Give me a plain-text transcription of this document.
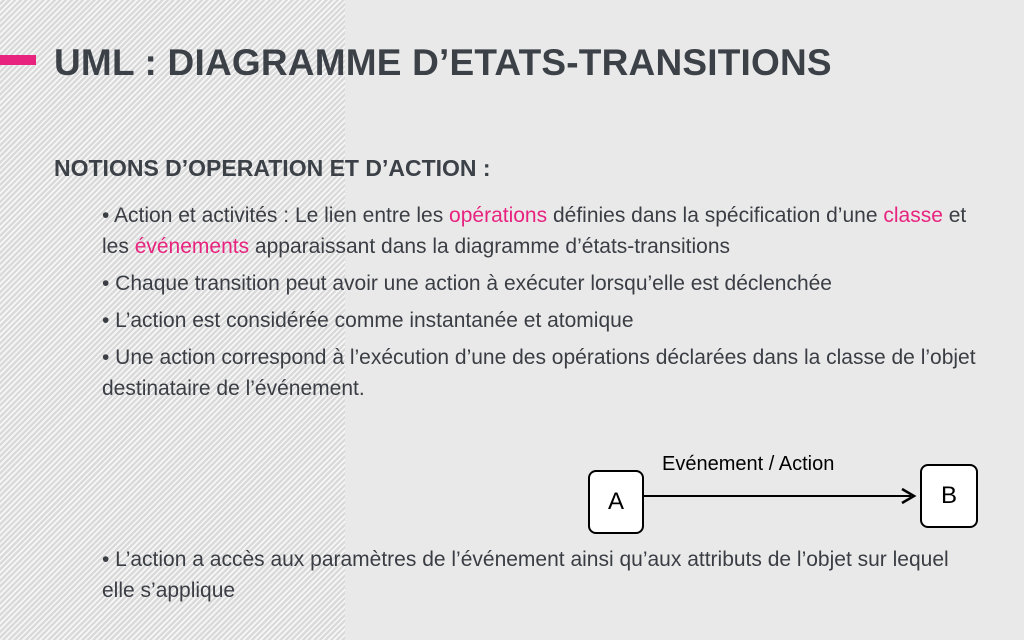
UML : DIAGRAMME D’ETATS-TRANSITIONS
NOTIONS D’OPERATION ET D’ACTION :
• Action et activités : Le lien entre les opérations définies dans la spécification d’une classe et les événements apparaissant dans la diagramme d’états-transitions
• Chaque transition peut avoir une action à exécuter lorsqu’elle est déclenchée
• L’action est considérée comme instantanée et atomique
• Une action correspond à l’exécution d’une des opérations déclarées dans la classe de l’objet destinataire de l’événement.
Evénement / Action
A	B
• L’action a accès aux paramètres de l’événement ainsi qu’aux attributs de l’objet sur lequel elle s’applique
